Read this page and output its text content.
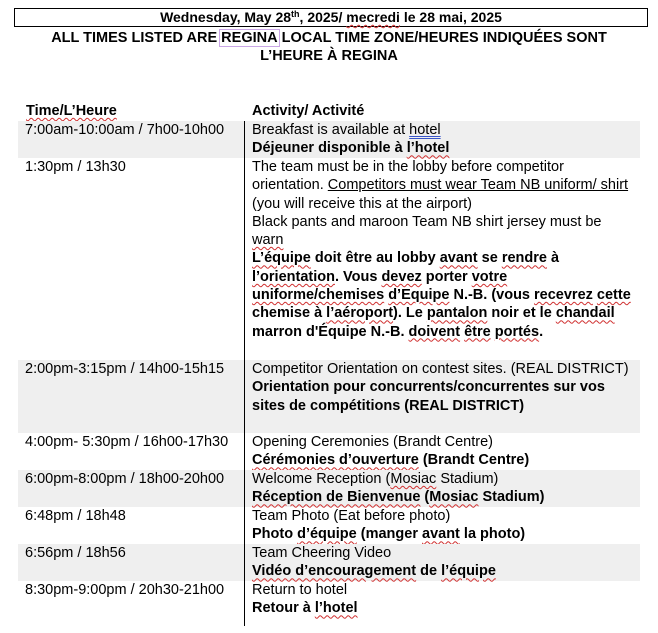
Wednesday, May 28th, 2025/ mecredi le 28 mai, 2025
ALL TIMES LISTED ARE REGINA LOCAL TIME ZONE/HEURES INDIQUÉES SONT
L’HEURE À REGINA
Time/L’Heure	Activity/ Activité
7:00am-10:00am / 7h00-10h00	Breakfast is available at hotel
Déjeuner disponible à l’hotel
1:30pm / 13h30	The team must be in the lobby before competitor orientation. Competitors must wear Team NB uniform/ shirt (you will receive this at the airport)
Black pants and maroon Team NB shirt jersey must be warn
L’équipe doit être au lobby avant se rendre à l’orientation. Vous devez porter votre uniforme/chemises d’Equipe N.-B. (vous recevrez cette chemise à l’aéroport). Le pantalon noir et le chandail marron d'Équipe N.-B. doivent être portés.
2:00pm-3:15pm / 14h00-15h15	Competitor Orientation on contest sites. (REAL DISTRICT)
Orientation pour concurrents/concurrentes sur vos sites de compétitions (REAL DISTRICT)
4:00pm- 5:30pm / 16h00-17h30	Opening Ceremonies (Brandt Centre)
Cérémonies d’ouverture (Brandt Centre)
6:00pm-8:00pm / 18h00-20h00	Welcome Reception (Mosiac Stadium)
Réception de Bienvenue (Mosiac Stadium)
6:48pm / 18h48	Team Photo (Eat before photo)
Photo d’équipe (manger avant la photo)
6:56pm / 18h56	Team Cheering Video
Vidéo d’encouragement de l’équipe
8:30pm-9:00pm / 20h30-21h00	Return to hotel
Retour à l’hotel
